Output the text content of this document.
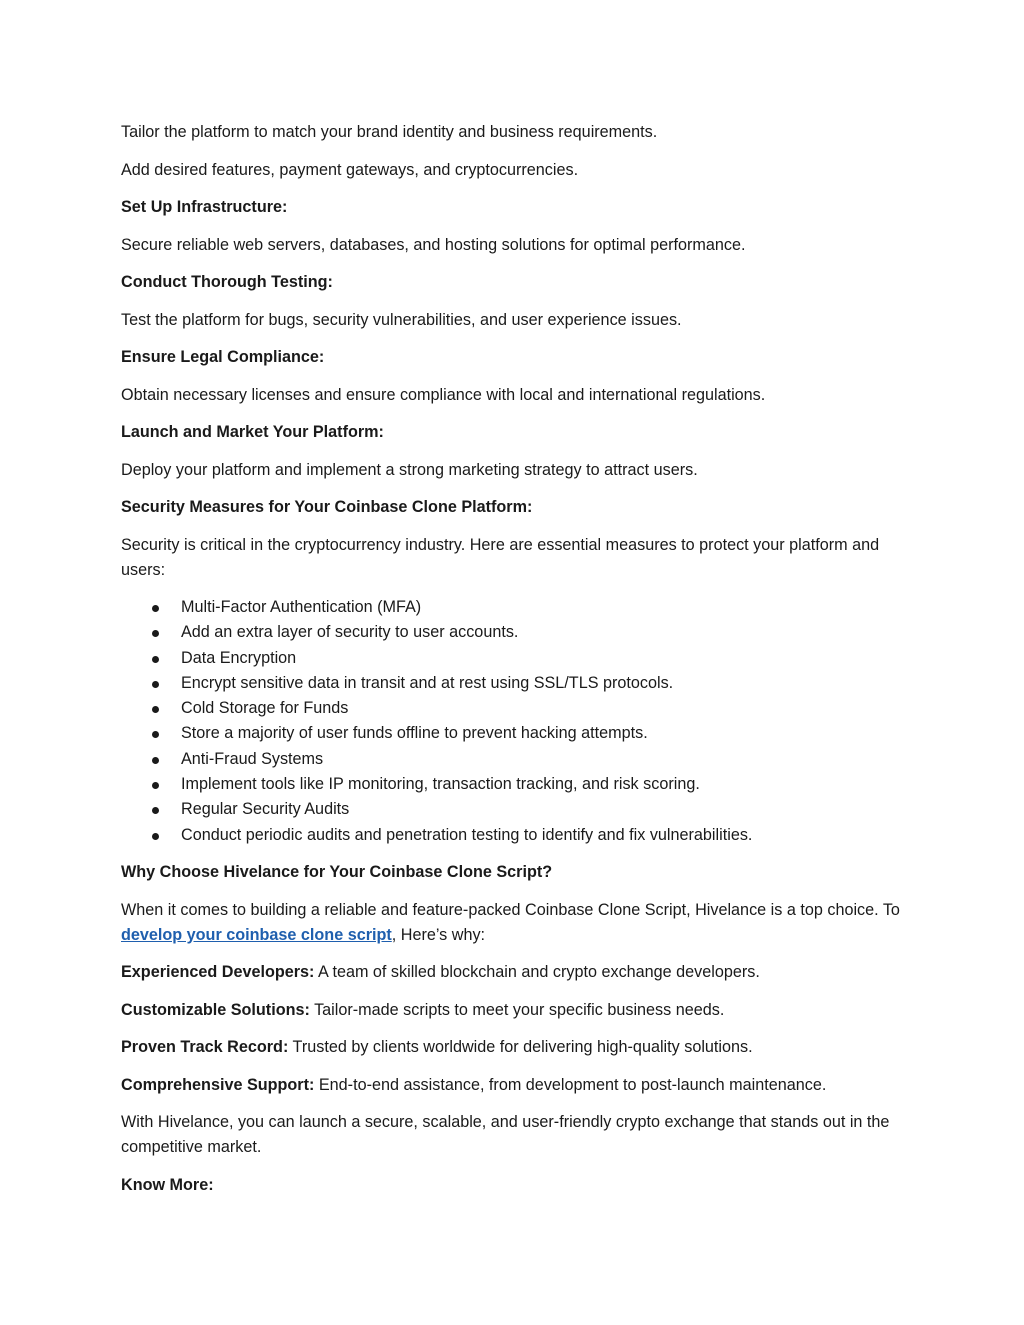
Tailor the platform to match your brand identity and business requirements.

Add desired features, payment gateways, and cryptocurrencies.

Set Up Infrastructure:

Secure reliable web servers, databases, and hosting solutions for optimal performance.

Conduct Thorough Testing:

Test the platform for bugs, security vulnerabilities, and user experience issues.

Ensure Legal Compliance:

Obtain necessary licenses and ensure compliance with local and international regulations.

Launch and Market Your Platform:

Deploy your platform and implement a strong marketing strategy to attract users.

Security Measures for Your Coinbase Clone Platform:

Security is critical in the cryptocurrency industry. Here are essential measures to protect your platform and users:

Multi-Factor Authentication (MFA)
Add an extra layer of security to user accounts.
Data Encryption
Encrypt sensitive data in transit and at rest using SSL/TLS protocols.
Cold Storage for Funds
Store a majority of user funds offline to prevent hacking attempts.
Anti-Fraud Systems
Implement tools like IP monitoring, transaction tracking, and risk scoring.
Regular Security Audits
Conduct periodic audits and penetration testing to identify and fix vulnerabilities.

Why Choose Hivelance for Your Coinbase Clone Script?

When it comes to building a reliable and feature-packed Coinbase Clone Script, Hivelance is a top choice. To develop your coinbase clone script, Here’s why:

Experienced Developers: A team of skilled blockchain and crypto exchange developers.

Customizable Solutions: Tailor-made scripts to meet your specific business needs.

Proven Track Record: Trusted by clients worldwide for delivering high-quality solutions.

Comprehensive Support: End-to-end assistance, from development to post-launch maintenance.

With Hivelance, you can launch a secure, scalable, and user-friendly crypto exchange that stands out in the competitive market.

Know More:
